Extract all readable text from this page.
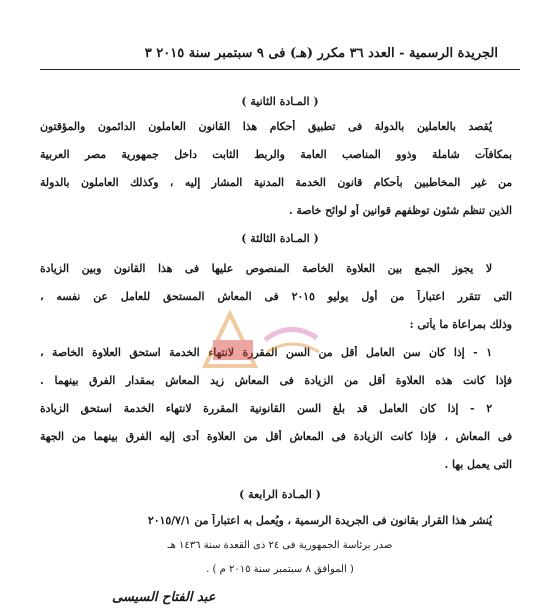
الجريدة الرسمية - العدد ٣٦ مكرر (هـ) فى ٩ سبتمبر سنة ٢٠١٥ ٣
( المـادة الثانية )
يُقصد بالعاملين بالدولة فى تطبيق أحكام هذا القانون العاملون الدائمون والمؤقتون
بمكافآت شاملة وذوو المناصب العامة والربط الثابت داخل جمهورية مصر العربية
من غير المخاطبين بأحكام قانون الخدمة المدنية المشار إليه ، وكذلك العاملون بالدولة
الذين تنظم شئون توظفهم قوانين أو لوائح خاصة .
( المـادة الثالثة )
لا يجوز الجمع بين العلاوة الخاصة المنصوص عليها فى هذا القانون وبين الزيادة
التى تتقرر اعتباراً من أول يوليو ٢٠١٥ فى المعاش المستحق للعامل عن نفسه ،
وذلك بمراعاة ما يأتى :
١ - إذا كان سن العامل أقل من السن المقررة لانتهاء الخدمة استحق العلاوة الخاصة ،
فإذا كانت هذه العلاوة أقل من الزيادة فى المعاش زيد المعاش بمقدار الفرق بينهما .
٢ - إذا كان العامل قد بلغ السن القانونية المقررة لانتهاء الخدمة استحق الزيادة
فى المعاش ، فإذا كانت الزيادة فى المعاش أقل من العلاوة أدى إليه الفرق بينهما من الجهة
التى يعمل بها .
( المـادة الرابعة )
يُنشر هذا القرار بقانون فى الجريدة الرسمية ، ويُعمل به اعتباراً من ٢٠١٥/٧/١
صدر برئاسة الجمهورية فى ٢٤ ذى القعدة سنة ١٤٣٦ هـ
( الموافق ٨ سبتمبر سنة ٢٠١٥ م ) .
عبد الفتاح السيسى
